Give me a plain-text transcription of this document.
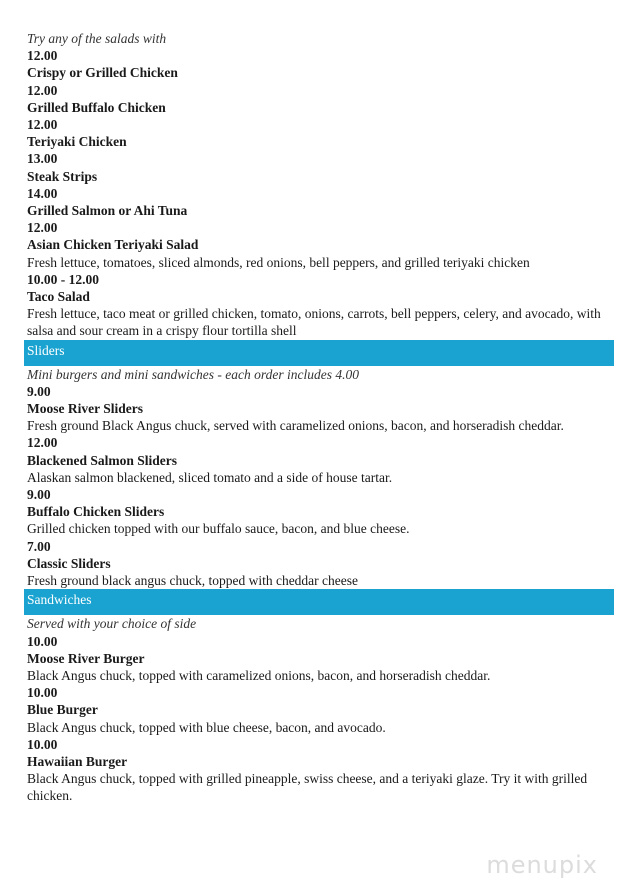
Try any of the salads with
12.00
Crispy or Grilled Chicken
12.00
Grilled Buffalo Chicken
12.00
Teriyaki Chicken
13.00
Steak Strips
14.00
Grilled Salmon or Ahi Tuna
12.00
Asian Chicken Teriyaki Salad
Fresh lettuce, tomatoes, sliced almonds, red onions, bell peppers, and grilled teriyaki chicken
10.00 - 12.00
Taco Salad
Fresh lettuce, taco meat or grilled chicken, tomato, onions, carrots, bell peppers, celery, and avocado, with salsa and sour cream in a crispy flour tortilla shell
Sliders
Mini burgers and mini sandwiches - each order includes 4.00
9.00
Moose River Sliders
Fresh ground Black Angus chuck, served with caramelized onions, bacon, and horseradish cheddar.
12.00
Blackened Salmon Sliders
Alaskan salmon blackened, sliced tomato and a side of house tartar.
9.00
Buffalo Chicken Sliders
Grilled chicken topped with our buffalo sauce, bacon, and blue cheese.
7.00
Classic Sliders
Fresh ground black angus chuck, topped with cheddar cheese
Sandwiches
Served with your choice of side
10.00
Moose River Burger
Black Angus chuck, topped with caramelized onions, bacon, and horseradish cheddar.
10.00
Blue Burger
Black Angus chuck, topped with blue cheese, bacon, and avocado.
10.00
Hawaiian Burger
Black Angus chuck, topped with grilled pineapple, swiss cheese, and a teriyaki glaze. Try it with grilled chicken.
menupix
